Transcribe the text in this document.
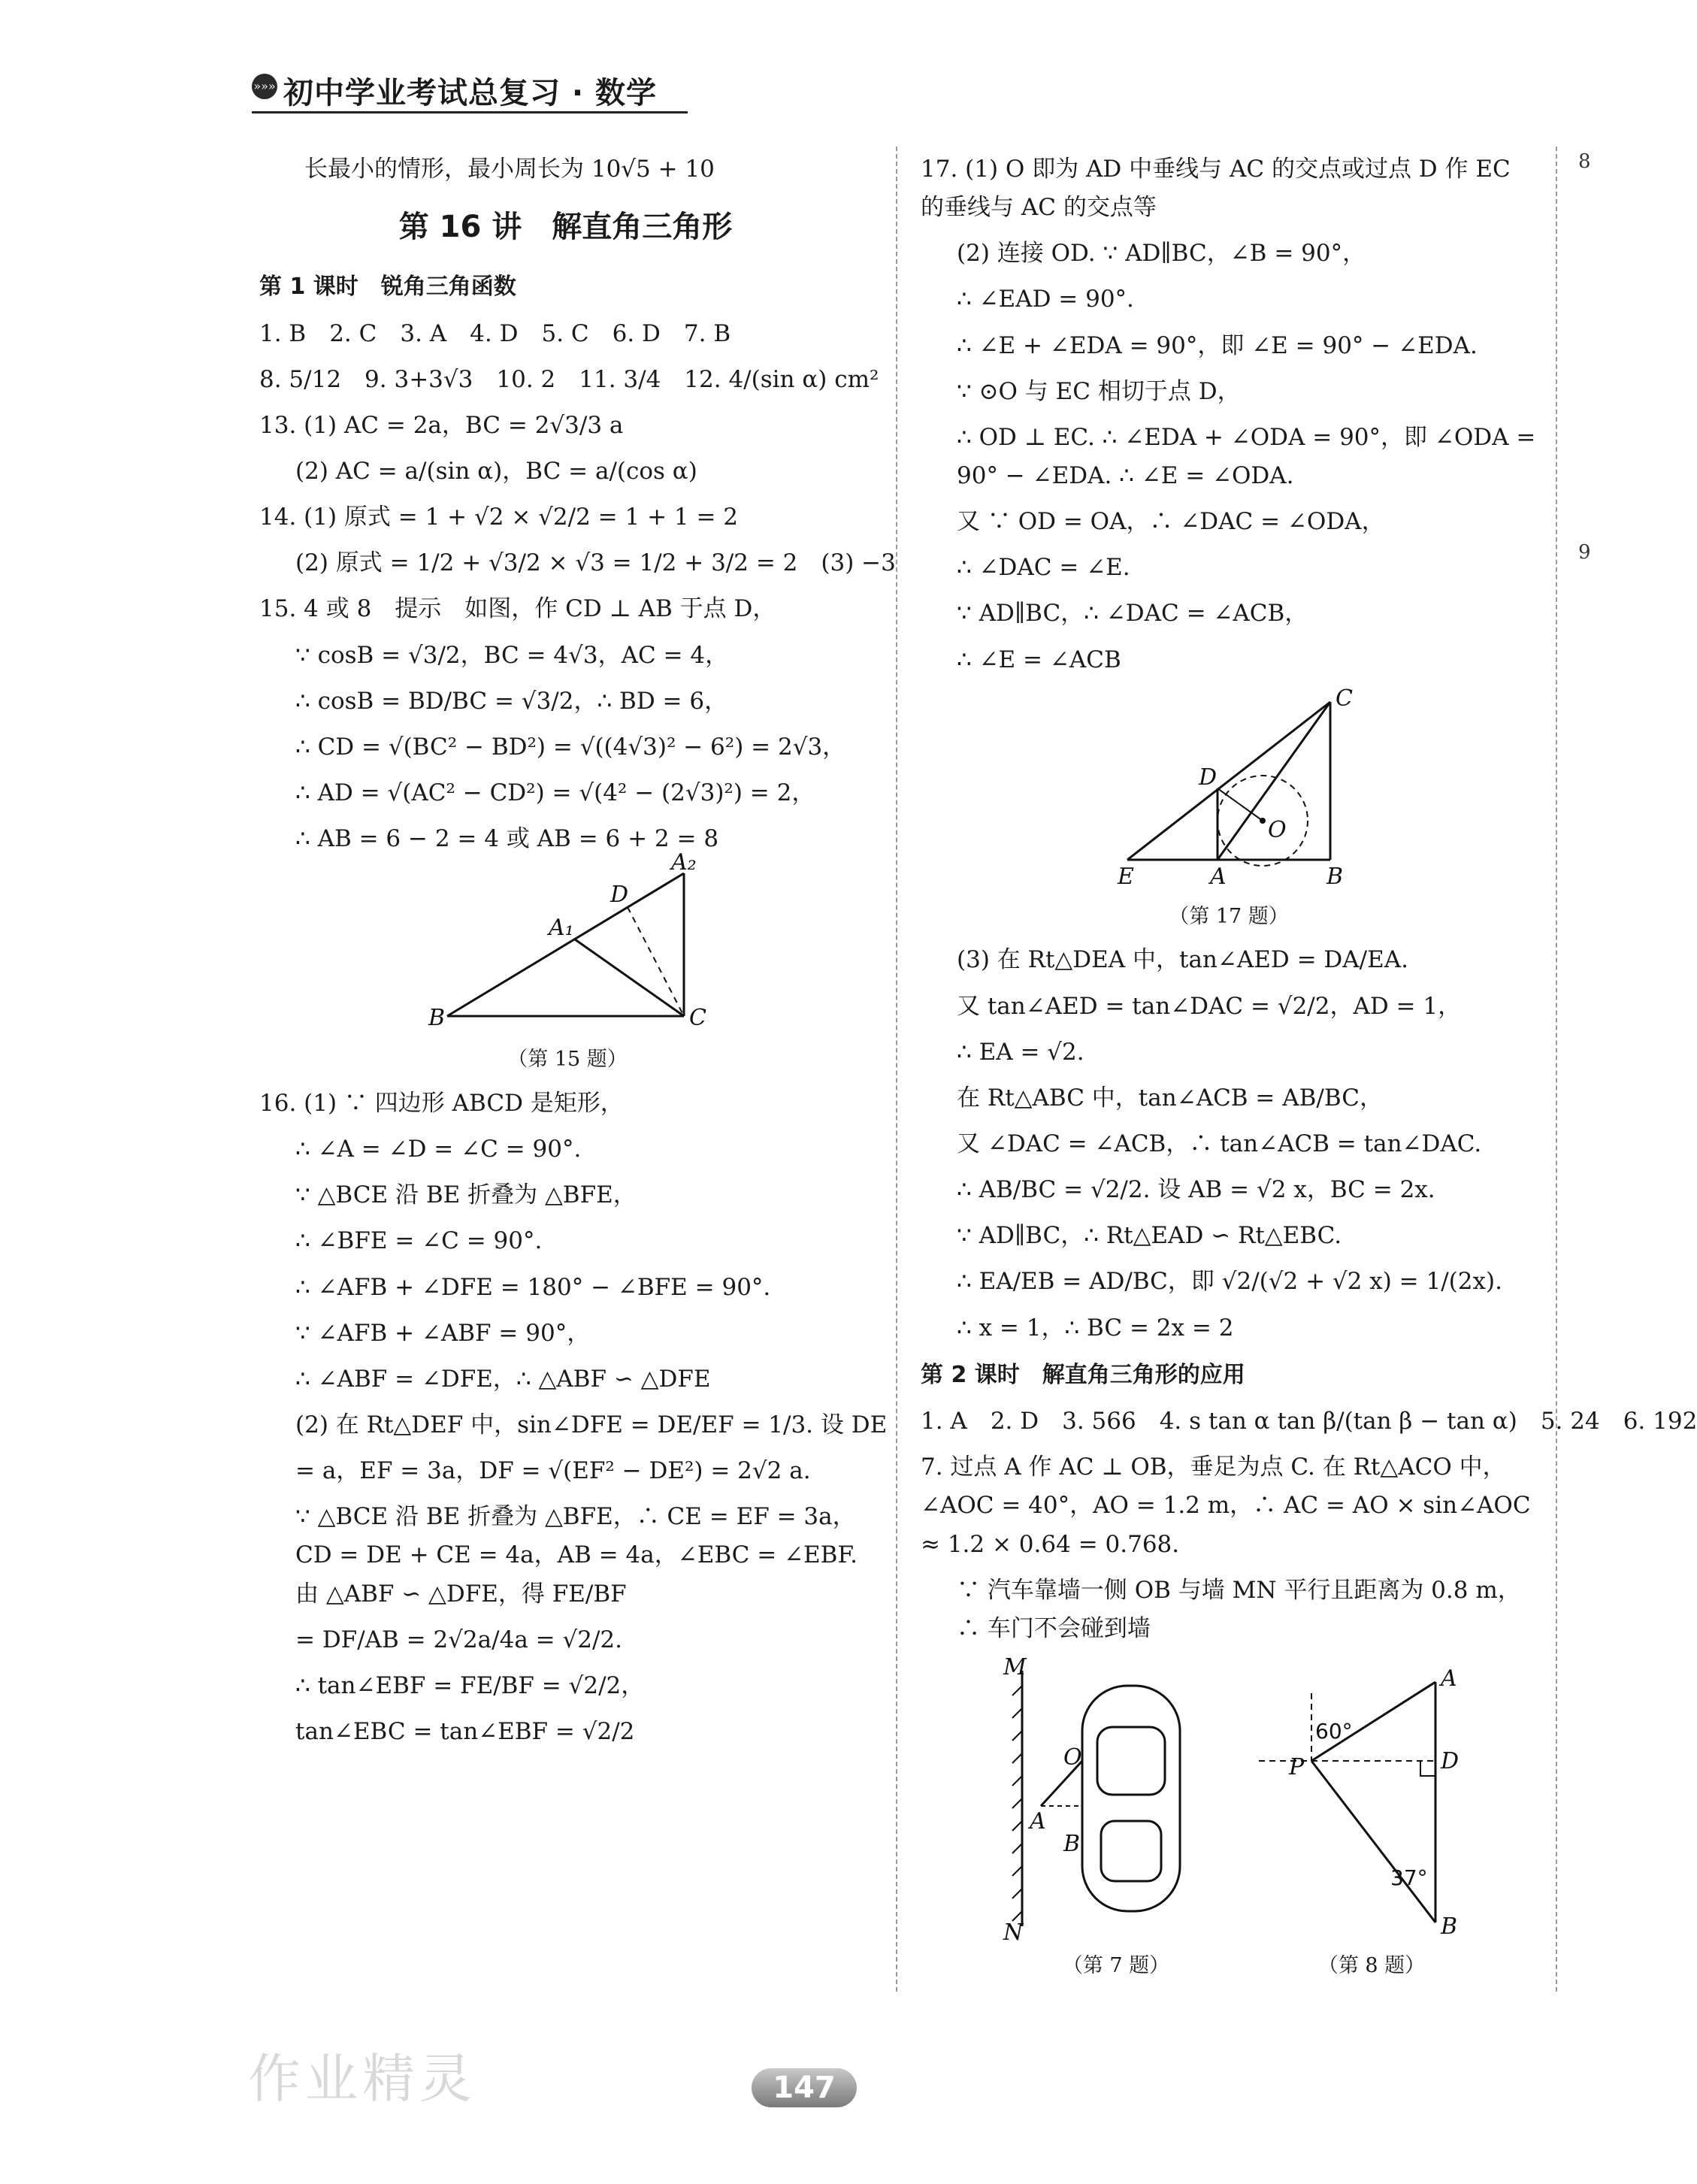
»»» 初中学业考试总复习 · 数学
8
9
长最小的情形，最小周长为 10√5 + 10
第 16 讲　解直角三角形
第 1 课时　锐角三角函数
1. B　2. C　3. A　4. D　5. C　6. D　7. B
8. 5/12　9. 3+3√3　10. 2　11. 3/4　12. 4/(sin α) cm²
13. (1) AC = 2a，BC = 2√3/3 a
(2) AC = a/(sin α)，BC = a/(cos α)
14. (1) 原式 = 1 + √2 × √2/2 = 1 + 1 = 2
(2) 原式 = 1/2 + √3/2 × √3 = 1/2 + 3/2 = 2　(3) −3
15. 4 或 8　提示　如图，作 CD ⊥ AB 于点 D，
∵ cosB = √3/2，BC = 4√3，AC = 4，
∴ cosB = BD/BC = √3/2，∴ BD = 6，
∴ CD = √(BC² − BD²) = √((4√3)² − 6²) = 2√3，
∴ AD = √(AC² − CD²) = √(4² − (2√3)²) = 2，
∴ AB = 6 − 2 = 4 或 AB = 6 + 2 = 8
B	C
D
A₁
A₂
（第 15 题）
16. (1) ∵ 四边形 ABCD 是矩形，
∴ ∠A = ∠D = ∠C = 90°.
∵ △BCE 沿 BE 折叠为 △BFE，
∴ ∠BFE = ∠C = 90°.
∴ ∠AFB + ∠DFE = 180° − ∠BFE = 90°.
∵ ∠AFB + ∠ABF = 90°，
∴ ∠ABF = ∠DFE，∴ △ABF ∽ △DFE
(2) 在 Rt△DEF 中，sin∠DFE = DE/EF = 1/3. 设 DE
= a，EF = 3a，DF = √(EF² − DE²) = 2√2 a.
∵ △BCE 沿 BE 折叠为 △BFE，∴ CE = EF = 3a，CD = DE + CE = 4a，AB = 4a，∠EBC = ∠EBF. 由 △ABF ∽ △DFE，得 FE/BF
= DF/AB = 2√2a/4a = √2/2.
∴ tan∠EBF = FE/BF = √2/2，
tan∠EBC = tan∠EBF = √2/2
17. (1) O 即为 AD 中垂线与 AC 的交点或过点 D 作 EC 的垂线与 AC 的交点等
(2) 连接 OD. ∵ AD∥BC，∠B = 90°，
∴ ∠EAD = 90°.
∴ ∠E + ∠EDA = 90°，即 ∠E = 90° − ∠EDA.
∵ ⊙O 与 EC 相切于点 D，
∴ OD ⊥ EC. ∴ ∠EDA + ∠ODA = 90°，即 ∠ODA = 90° − ∠EDA. ∴ ∠E = ∠ODA.
又 ∵ OD = OA，∴ ∠DAC = ∠ODA，
∴ ∠DAC = ∠E.
∵ AD∥BC，∴ ∠DAC = ∠ACB，
∴ ∠E = ∠ACB
C
D
O
E	A	B
（第 17 题）
(3) 在 Rt△DEA 中，tan∠AED = DA/EA.
又 tan∠AED = tan∠DAC = √2/2，AD = 1，
∴ EA = √2.
在 Rt△ABC 中，tan∠ACB = AB/BC，
又 ∠DAC = ∠ACB，∴ tan∠ACB = tan∠DAC.
∴ AB/BC = √2/2. 设 AB = √2 x，BC = 2x.
∵ AD∥BC，∴ Rt△EAD ∽ Rt△EBC.
∴ EA/EB = AD/BC，即 √2/(√2 + √2 x) = 1/(2x).
∴ x = 1，∴ BC = 2x = 2
第 2 课时　解直角三角形的应用
1. A　2. D　3. 566　4. s tan α tan β/(tan β − tan α)　5. 24　6. 192
7. 过点 A 作 AC ⊥ OB，垂足为点 C. 在 Rt△ACO 中，∠AOC = 40°，AO = 1.2 m，∴ AC = AO × sin∠AOC ≈ 1.2 × 0.64 = 0.768.
∵ 汽车靠墙一侧 OB 与墙 MN 平行且距离为 0.8 m，∴ 车门不会碰到墙
M
N
O
A
B
A
P	D
B
60°
37°
（第 7 题）	（第 8 题）
作业精灵	147
